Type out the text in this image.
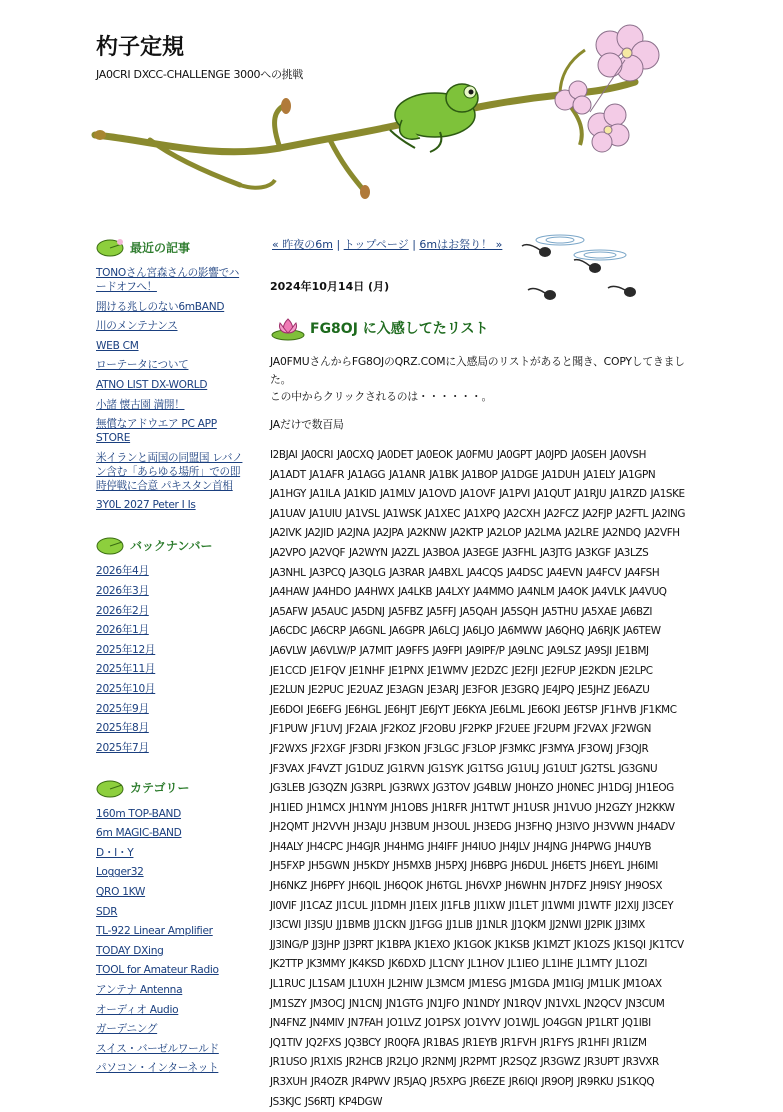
杓子定規
JA0CRI DXCC-CHALLENGE 3000への挑戦
最近の記事
TONOさん宮森さんの影響でハードオフへ！
開ける兆しのない6mBAND
川のメンテナンス
WEB CM
ローテータについて
ATNO LIST DX-WORLD
小諸 懐古園 満開！
無償なアドウエア PC APP STORE
米イランと両国の同盟国 レバノン含む「あらゆる場所」での即時停戦に合意 パキスタン首相
3Y0L 2027 Peter I Is
バックナンバー
2026年4月
2026年3月
2026年2月
2026年1月
2025年12月
2025年11月
2025年10月
2025年9月
2025年8月
2025年7月
カテゴリー
160m TOP-BAND
6m MAGIC-BAND
D・I・Y
Logger32
QRO 1KW
SDR
TL-922 Linear Amplifier
TODAY DXing
TOOL for Amateur Radio
アンテナ Antenna
オーディオ Audio
ガーデニング
スイス・バーゼルワールド
パソコン・インターネット
« 昨夜の6m | トップページ | 6mはお祭り！ »
2024年10月14日 (月)
FG8OJ に入感してたリスト

JA0FMUさんからFG8OJのQRZ.COMに入感局のリストがあると聞き、COPYしてきました。

この中からクリックされるのは・・・・・・。

JAだけで数百局

I2BJAI JA0CRI JA0CXQ JA0DET JA0EOK JA0FMU JA0GPT JA0JPD JA0SEH JA0VSH JA1ADT JA1AFR JA1AGG JA1ANR JA1BK JA1BOP JA1DGE JA1DUH JA1ELY JA1GPN JA1HGY JA1ILA JA1KID JA1MLV JA1OVD JA1OVF JA1PVI JA1QUT JA1RJU JA1RZD JA1SKE JA1UAV JA1UIU JA1VSL JA1WSK JA1XEC JA1XPQ JA2CXH JA2FCZ JA2FJP JA2FTL JA2ING JA2IVK JA2JID JA2JNA JA2JPA JA2KNW JA2KTP JA2LOP JA2LMA JA2LRE JA2NDQ JA2VFH JA2VPO JA2VQF JA2WYN JA2ZL JA3BOA JA3EGE JA3FHL JA3JTG JA3KGF JA3LZS JA3NHL JA3PCQ JA3QLG JA3RAR JA4BXL JA4CQS JA4DSC JA4EVN JA4FCV JA4FSH JA4HAW JA4HDO JA4HWX JA4LKB JA4LXY JA4MMO JA4NLM JA4OK JA4VLK JA4VUQ JA5AFW JA5AUC JA5DNJ JA5FBZ JA5FFJ JA5QAH JA5SQH JA5THU JA5XAE JA6BZI JA6CDC JA6CRP JA6GNL JA6GPR JA6LCJ JA6LJO JA6MWW JA6QHQ JA6RJK JA6TEW JA6VLW JA6VLW/P JA7MIT JA9FFS JA9FPI JA9IPF/P JA9LNC JA9LSZ JA9SJI JE1BMJ JE1CCD JE1FQV JE1NHF JE1PNX JE1WMV JE2DZC JE2FJI JE2FUP JE2KDN JE2LPC JE2LUN JE2PUC JE2UAZ JE3AGN JE3ARJ JE3FOR JE3GRQ JE4JPQ JE5JHZ JE6AZU JE6DOI JE6EFG JE6HGL JE6HJT JE6JYT JE6KYA JE6LML JE6OKI JE6TSP JF1HVB JF1KMC JF1PUW JF1UVJ JF2AIA JF2KOZ JF2OBU JF2PKP JF2UEE JF2UPM JF2VAX JF2WGN JF2WXS JF2XGF JF3DRI JF3KON JF3LGC JF3LOP JF3MKC JF3MYA JF3OWJ JF3QJR JF3VAX JF4VZT JG1DUZ JG1RVN JG1SYK JG1TSG JG1ULJ JG1ULT JG2TSL JG3GNU JG3LEB JG3QZN JG3RPL JG3RWX JG3TOV JG4BLW JH0HZO JH0NEC JH1DGJ JH1EOG JH1IED JH1MCX JH1NYM JH1OBS JH1RFR JH1TWT JH1USR JH1VUO JH2GZY JH2KKW JH2QMT JH2VVH JH3AJU JH3BUM JH3OUL JH3EDG JH3FHQ JH3IVO JH3VWN JH4ADV JH4ALY JH4CPC JH4GJR JH4HMG JH4IFF JH4IUO JH4JLV JH4JNG JH4PWG JH4UYB JH5FXP JH5GWN JH5KDY JH5MXB JH5PXJ JH6BPG JH6DUL JH6ETS JH6EYL JH6IMI JH6NKZ JH6PFY JH6QIL JH6QOK JH6TGL JH6VXP JH6WHN JH7DFZ JH9ISY JH9OSX JI0VIF JI1CAZ JI1CUL JI1DMH JI1EIX JI1FLB JI1IXW JI1LET JI1WMI JI1WTF JI2XIJ JI3CEY JI3CWI JI3SJU JJ1BMB JJ1CKN JJ1FGG JJ1LIB JJ1NLR JJ1QKM JJ2NWI JJ2PIK JJ3IMX JJ3ING/P JJ3JHP JJ3PRT JK1BPA JK1EXO JK1GOK JK1KSB JK1MZT JK1OZS JK1SQI JK1TCV JK2TTP JK3MMY JK4KSD JK6DXD JL1CNY JL1HOV JL1IEO JL1IHE JL1MTY JL1OZI JL1RUC JL1SAM JL1UXH JL2HIW JL3MCM JM1ESG JM1GDA JM1IGJ JM1LIK JM1OAX JM1SZY JM3OCJ JN1CNJ JN1GTG JN1JFO JN1NDY JN1RQV JN1VXL JN2QCV JN3CUM JN4FNZ JN4MIV JN7FAH JO1LVZ JO1PSX JO1VYV JO1WJL JO4GGN JP1LRT JQ1IBI JQ1TIV JQ2FXS JQ3BCY JR0QFA JR1BAS JR1EYB JR1FVH JR1FYS JR1HFI JR1IZM JR1USO JR1XIS JR2HCB JR2LJO JR2NMJ JR2PMT JR2SQZ JR3GWZ JR3UPT JR3VXR JR3XUH JR4OZR JR4PWV JR5JAQ JR5XPG JR6EZE JR6IQI JR9OPJ JR9RKU JS1KQQ JS3KJC JS6RTJ KP4DGW
